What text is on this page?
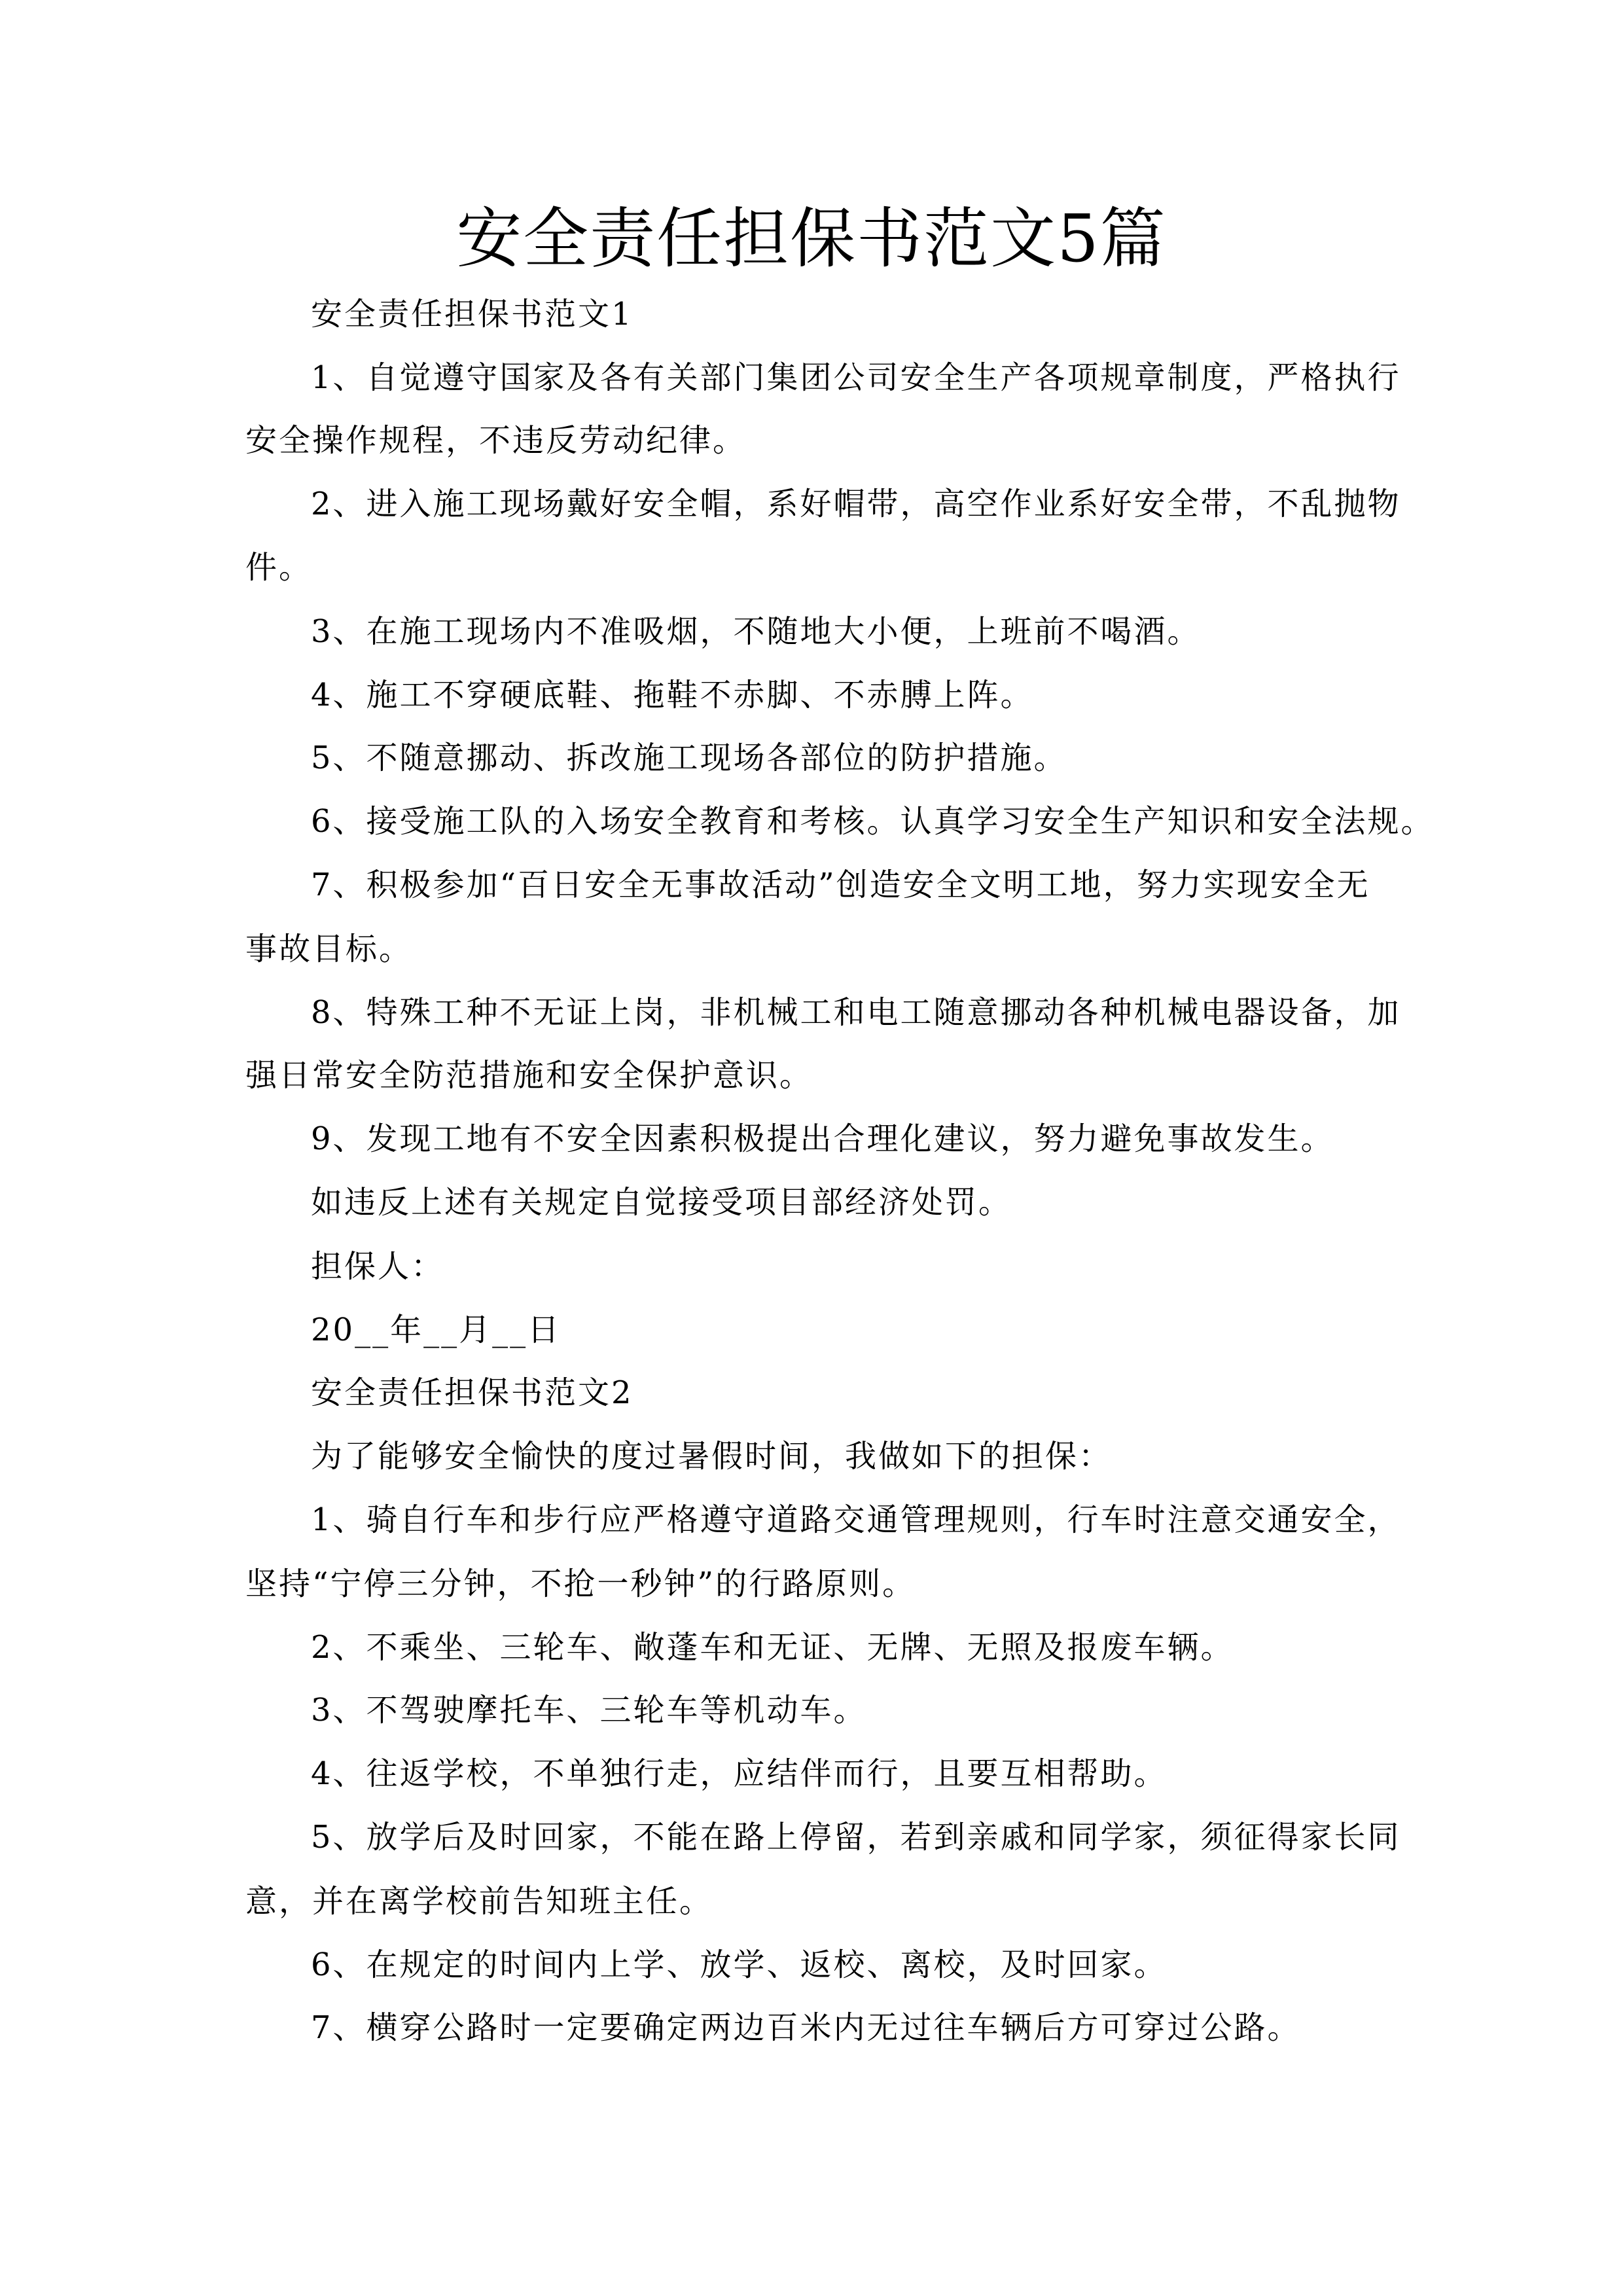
安全责任担保书范文5篇
安全责任担保书范文1
1、自觉遵守国家及各有关部门集团公司安全生产各项规章制度，严格执行
安全操作规程，不违反劳动纪律。
2、进入施工现场戴好安全帽，系好帽带，高空作业系好安全带，不乱抛物
件。
3、在施工现场内不准吸烟，不随地大小便，上班前不喝酒。
4、施工不穿硬底鞋、拖鞋不赤脚、不赤膊上阵。
5、不随意挪动、拆改施工现场各部位的防护措施。
6、接受施工队的入场安全教育和考核。认真学习安全生产知识和安全法规。
7、积极参加“百日安全无事故活动”创造安全文明工地，努力实现安全无
事故目标。
8、特殊工种不无证上岗，非机械工和电工随意挪动各种机械电器设备，加
强日常安全防范措施和安全保护意识。
9、发现工地有不安全因素积极提出合理化建议，努力避免事故发生。
如违反上述有关规定自觉接受项目部经济处罚。
担保人：
20__年__月__日
安全责任担保书范文2
为了能够安全愉快的度过暑假时间，我做如下的担保：
1、骑自行车和步行应严格遵守道路交通管理规则，行车时注意交通安全，
坚持“宁停三分钟，不抢一秒钟”的行路原则。
2、不乘坐、三轮车、敞蓬车和无证、无牌、无照及报废车辆。
3、不驾驶摩托车、三轮车等机动车。
4、往返学校，不单独行走，应结伴而行，且要互相帮助。
5、放学后及时回家，不能在路上停留，若到亲戚和同学家，须征得家长同
意，并在离学校前告知班主任。
6、在规定的时间内上学、放学、返校、离校，及时回家。
7、横穿公路时一定要确定两边百米内无过往车辆后方可穿过公路。
